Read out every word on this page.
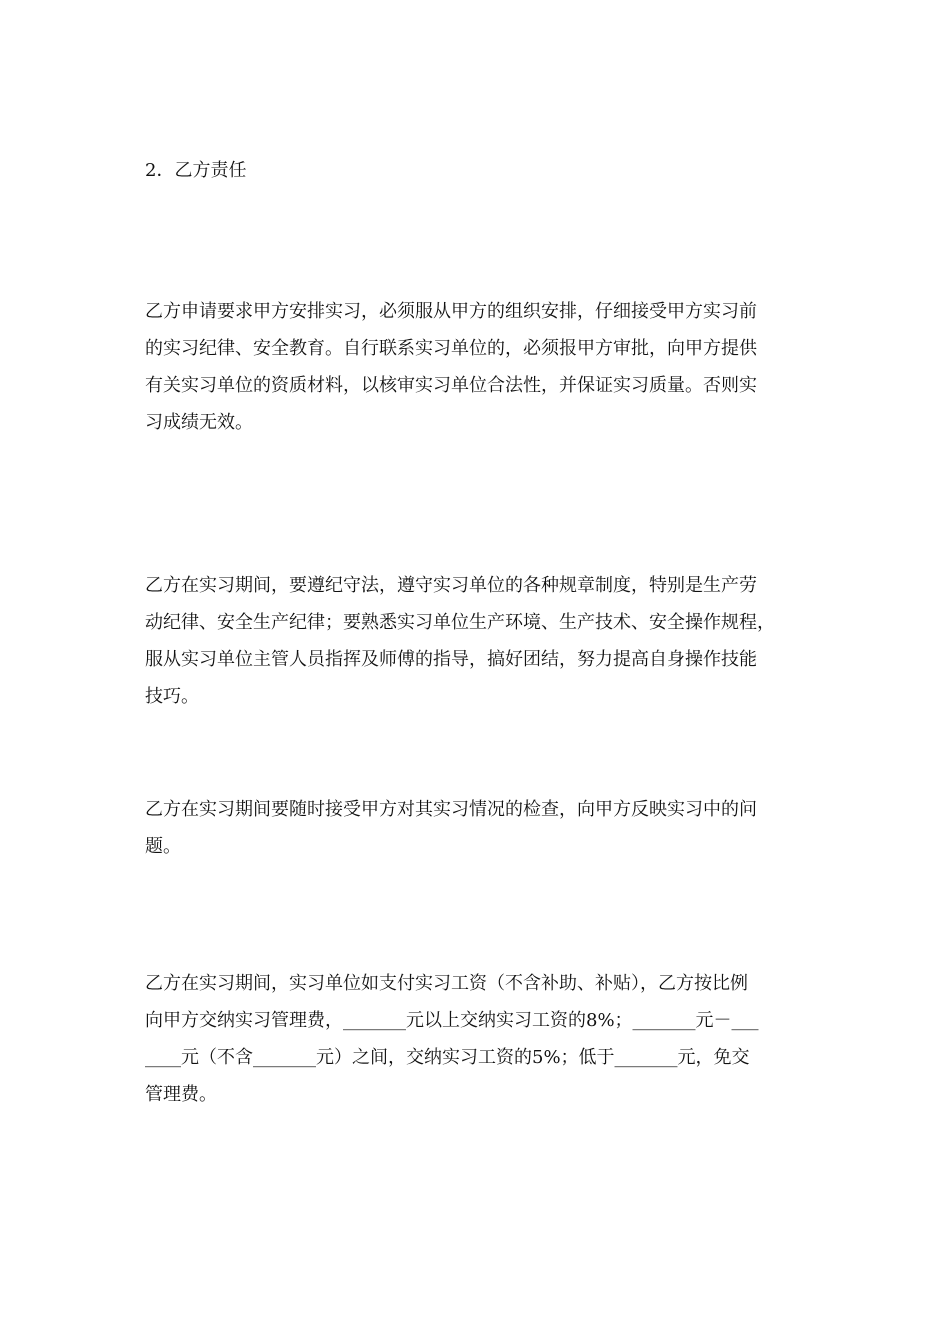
2．乙方责任

乙方申请要求甲方安排实习，必须服从甲方的组织安排，仔细接受甲方实习前
的实习纪律、安全教育。自行联系实习单位的，必须报甲方审批，向甲方提供
有关实习单位的资质材料，以核审实习单位合法性，并保证实习质量。否则实
习成绩无效。

乙方在实习期间，要遵纪守法，遵守实习单位的各种规章制度，特别是生产劳
动纪律、安全生产纪律；要熟悉实习单位生产环境、生产技术、安全操作规程，
服从实习单位主管人员指挥及师傅的指导，搞好团结，努力提高自身操作技能
技巧。

乙方在实习期间要随时接受甲方对其实习情况的检查，向甲方反映实习中的问
题。

乙方在实习期间，实习单位如支付实习工资（不含补助、补贴），乙方按比例
向甲方交纳实习管理费，_______元以上交纳实习工资的8%；_______元－___
____元（不含_______元）之间，交纳实习工资的5%；低于_______元，免交
管理费。
